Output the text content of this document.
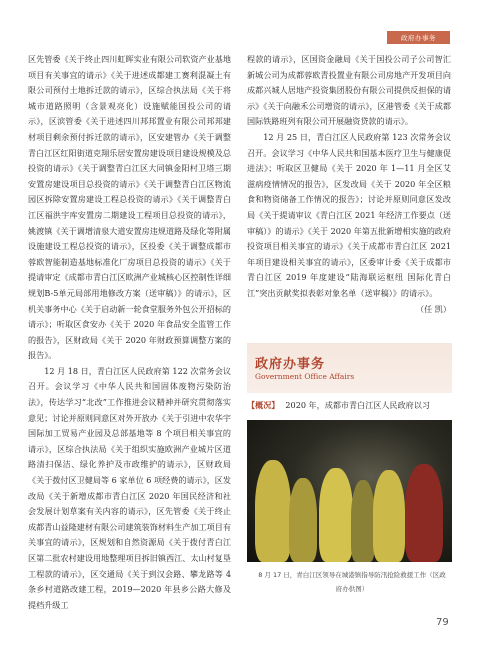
政府办事务

区先管委《关于终止四川虹晖实业有限公司软资产业基地项目有关事宜的请示》《关于进述成都建工赛利混凝土有限公司预付土地拆迁款的请示》，区综合执法局《关于将城市道路照明（含景观亮化）设施赋能国投公司的请示》，区滨管委《关于进述四川邦邦置业有限公司邦邦建材项目剩余预付拆迁款的请示》，区安建管办《关于调整青白江区红阳街道克翔乐居安置房建设项目建设规模及总投资的请示》《关于调整青白江区大同镇金阳村卫塔三期安置房建设项目总投资的请示》《关于调整青白江区物流园区拆除安置房建设工程总投资的请示》《关于调整青白江区福洪宇库安置房二期建设工程项目总投资的请示》，姚渡镇《关于调增清泉大道安置房违规道路及绿化等附属设施建设工程总投资的请示》，区投委《关于调整成都市蓉欧智能制造基地标准化厂房项目总投资的请示》《关于提请审定《成都市青白江区欧洲产业城核心区控制性详细规划B-5单元局部用地修改方案（送审稿）》的请示》，区机关事务中心《关于启动新一轮食堂服务外包公开招标的请示》；听取区食安办《关于 2020 年食品安全监管工作的报告》，区财政局《关于 2020 年财政预算调整方案的报告》。

12 月 18 日，青白江区人民政府第 122 次常务会议召开。会议学习《中华人民共和国固体废物污染防治法》，传达学习“北改”工作推进会议精神并研究贯彻落实意见；讨论并原则同意区对外开放办《关于引进中农华宇国际加工贸易产业园及总部基地等 8 个项目相关事宜的请示》，区综合执法局《关于组织实施欧洲产业城片区道路清扫保洁、绿化养护及市政维护的请示》，区财政局《关于拨付区卫健局等 6 家单位 6 项经费的请示》，区发改局《关于新增成都市青白江区 2020 年国民经济和社会发展计划草案有关内容的请示》，区先管委《关于终止成都青山益隆建材有限公司建筑装饰材料生产加工项目有关事宜的请示》，区规划和自然资源局《关于拨付青白江区第二批农村建设用地整理项目拆旧镇西江、太山村复垦工程款的请示》，区交通局《关于到汉会路、攀龙路等 4 条乡村道路改建工程，2019—2020 年县乡公路大修及提档升级工

程款的请示》，区国资金融局《关于国投公司子公司智汇新城公司为成都蓉欧青投置业有限公司房地产开发项目向成都兴城人居地产投资集团股份有限公司提供反担保的请示》《关于向融禾公司增资的请示》，区港管委《关于成都国际铁路班列有限公司开展融资贷款的请示》。

12 月 25 日，青白江区人民政府第 123 次常务会议召开。会议学习《中华人民共和国基本医疗卫生与健康促进法》；听取区卫健局《关于 2020 年 1—11 月全区艾滋病疫情情况的报告》，区发改局《关于 2020 年全区粮食和物资储备工作情况的报告》；讨论并原则同意区发改局《关于提请审议《青白江区 2021 年经济工作要点（送审稿）》的请示》《关于 2020 年第五批新增相实施的政府投资项目相关事宜的请示》《关于成都市青白江区 2021 年项目建设相关事宜的请示》，区委审计委《关于成都市青白江区 2019 年度建设“陆海联运枢纽 国际化青白江”突出贡献奖拟表彰对象名单（送审稿）》的请示》。

（任 凯）

政府办事务
Government Office Affairs
【概况】 2020 年，成都市青白江区人民政府以习
8 月 17 日，青白江区领导在城港镇指导防汛抢险救援工作（区政府办供图）
79
